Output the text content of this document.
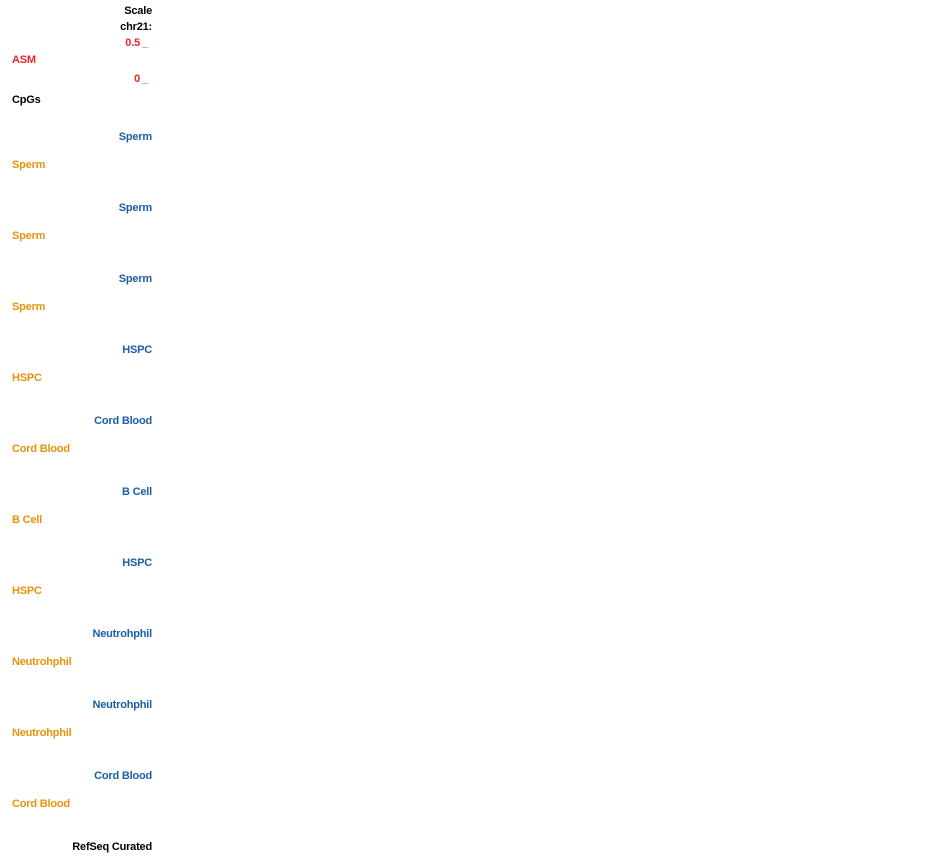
Scale
chr21:
0.5 _
0 _
ASM
CpGs
Sperm
Sperm
Sperm
Sperm
Sperm
Sperm
HSPC
HSPC
Cord Blood
Cord Blood
B Cell
B Cell
HSPC
HSPC
Neutrohphil
Neutrohphil
Neutrohphil
Neutrohphil
Cord Blood
Cord Blood
RefSeq Curated
